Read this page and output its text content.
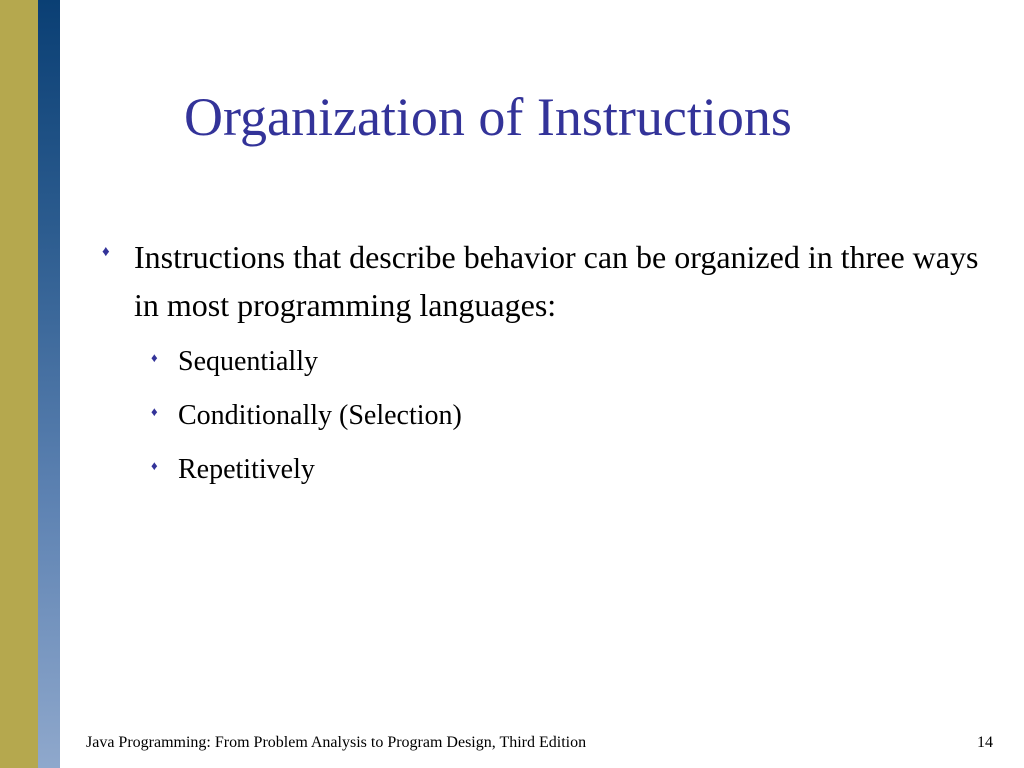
Organization of Instructions
♦ Instructions that describe behavior can be organized in three ways in most programming languages:
♦ Sequentially
♦ Conditionally (Selection)
♦ Repetitively
Java Programming: From Problem Analysis to Program Design, Third Edition	14
